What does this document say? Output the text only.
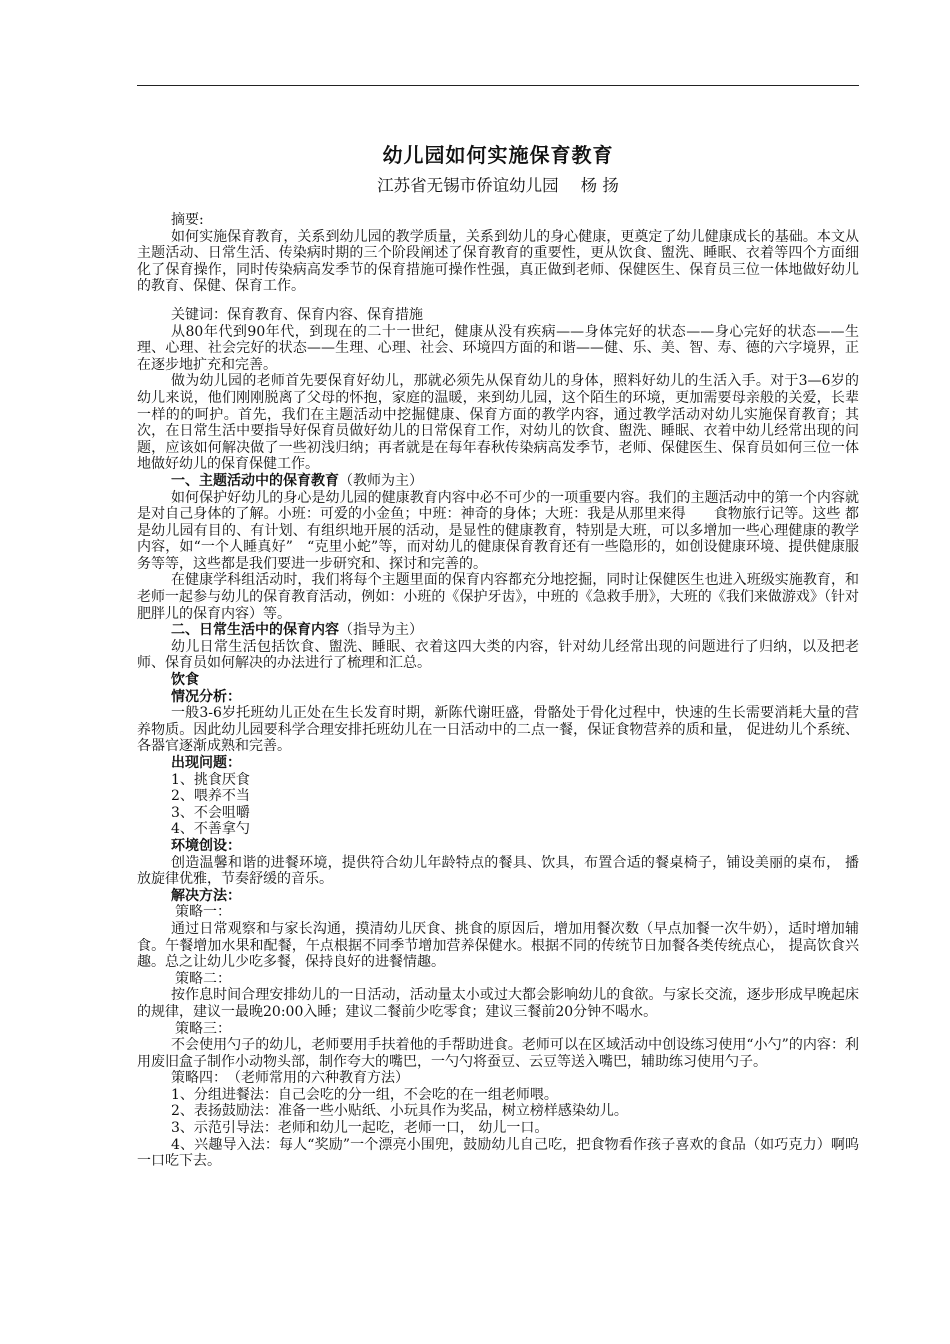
幼儿园如何实施保育教育
江苏省无锡市侨谊幼儿园 杨 扬

摘要:

如何实施保育教育，关系到幼儿园的教学质量，关系到幼儿的身心健康，更奠定了幼儿健康成长的基础。本文从主题活动、日常生活、传染病时期的三个阶段阐述了保育教育的重要性，更从饮食、盥洗、睡眠、衣着等四个方面细化了保育操作，同时传染病高发季节的保育措施可操作性强，真正做到老师、保健医生、保育员三位一体地做好幼儿的教育、保健、保育工作。

关键词：保育教育、保育内容、保育措施

从80年代到90年代，到现在的二十一世纪，健康从没有疾病——身体完好的状态——身心完好的状态——生理、心理、社会完好的状态——生理、心理、社会、环境四方面的和谐——健、乐、美、智、寿、德的六字境界，正在逐步地扩充和完善。

做为幼儿园的老师首先要保育好幼儿，那就必须先从保育幼儿的身体，照料好幼儿的生活入手。对于3—6岁的幼儿来说，他们刚刚脱离了父母的怀抱，家庭的温暖，来到幼儿园，这个陌生的环境，更加需要母亲般的关爱，长辈一样的的呵护。首先，我们在主题活动中挖掘健康、保育方面的教学内容，通过教学活动对幼儿实施保育教育；其次，在日常生活中要指导好保育员做好幼儿的日常保育工作，对幼儿的饮食、盥洗、睡眠、衣着中幼儿经常出现的问题，应该如何解决做了一些初浅归纳；再者就是在每年春秋传染病高发季节，老师、保健医生、保育员如何三位一体地做好幼儿的保育保健工作。

一、主题活动中的保育教育（教师为主）

如何保护好幼儿的身心是幼儿园的健康教育内容中必不可少的一项重要内容。我们的主题活动中的第一个内容就是对自己身体的了解。小班：可爱的小金鱼；中班：神奇的身体；大班：我是从那里来得　　食物旅行记等。这些 都是幼儿园有目的、有计划、有组织地开展的活动，是显性的健康教育，特别是大班，可以多增加一些心理健康的教学内容，如“一个人睡真好”　“克里小蛇”等，而对幼儿的健康保育教育还有一些隐形的，如创设健康环境、提供健康服务等等，这些都是我们要进一步研究和、探讨和完善的。

在健康学科组活动时，我们将每个主题里面的保育内容都充分地挖掘，同时让保健医生也进入班级实施教育，和老师一起参与幼儿的保育教育活动，例如：小班的《保护牙齿》，中班的《急救手册》，大班的《我们来做游戏》（针对肥胖儿的保育内容）等。

二、日常生活中的保育内容（指导为主）

幼儿日常生活包括饮食、盥洗、睡眠、衣着这四大类的内容，针对幼儿经常出现的问题进行了归纳，以及把老师、保育员如何解决的办法进行了梳理和汇总。

饮食

情况分析：

一般3-6岁托班幼儿正处在生长发育时期，新陈代谢旺盛，骨骼处于骨化过程中，快速的生长需要消耗大量的营养物质。因此幼儿园要科学合理安排托班幼儿在一日活动中的二点一餐，保证食物营养的质和量， 促进幼儿个系统、各器官逐渐成熟和完善。

出现问题：

1、挑食厌食

2、喂养不当

3、不会咀嚼

4、不善拿勺

环境创设：

创造温馨和谐的进餐环境，提供符合幼儿年龄特点的餐具、饮具，布置合适的餐桌椅子，铺设美丽的桌布， 播放旋律优雅，节奏舒缓的音乐。

解决方法：

策略一：

通过日常观察和与家长沟通，摸清幼儿厌食、挑食的原因后，增加用餐次数（早点加餐一次牛奶），适时增加辅食。午餐增加水果和配餐，午点根据不同季节增加营养保健水。根据不同的传统节日加餐各类传统点心， 提高饮食兴趣。总之让幼儿少吃多餐，保持良好的进餐情趣。

策略二：

按作息时间合理安排幼儿的一日活动，活动量太小或过大都会影响幼儿的食欲。与家长交流，逐步形成早晚起床的规律，建议一最晚20:00入睡；建议二餐前少吃零食；建议三餐前20分钟不喝水。

策略三：

不会使用勺子的幼儿，老师要用手扶着他的手帮助进食。老师可以在区域活动中创设练习使用“小勺”的内容：利用废旧盒子制作小动物头部，制作夸大的嘴巴，一勺勺将蚕豆、云豆等送入嘴巴，辅助练习使用勺子。

策略四：　（老师常用的六种教育方法）

1、分组进餐法：自己会吃的分一组，不会吃的在一组老师喂。

2、表扬鼓励法：准备一些小贴纸、小玩具作为奖品，树立榜样感染幼儿。

3、示范引导法：老师和幼儿一起吃，老师一口， 幼儿一口。

4、兴趣导入法：每人“奖励”一个漂亮小围兜，鼓励幼儿自己吃，把食物看作孩子喜欢的食品（如巧克力）啊呜一口吃下去。
